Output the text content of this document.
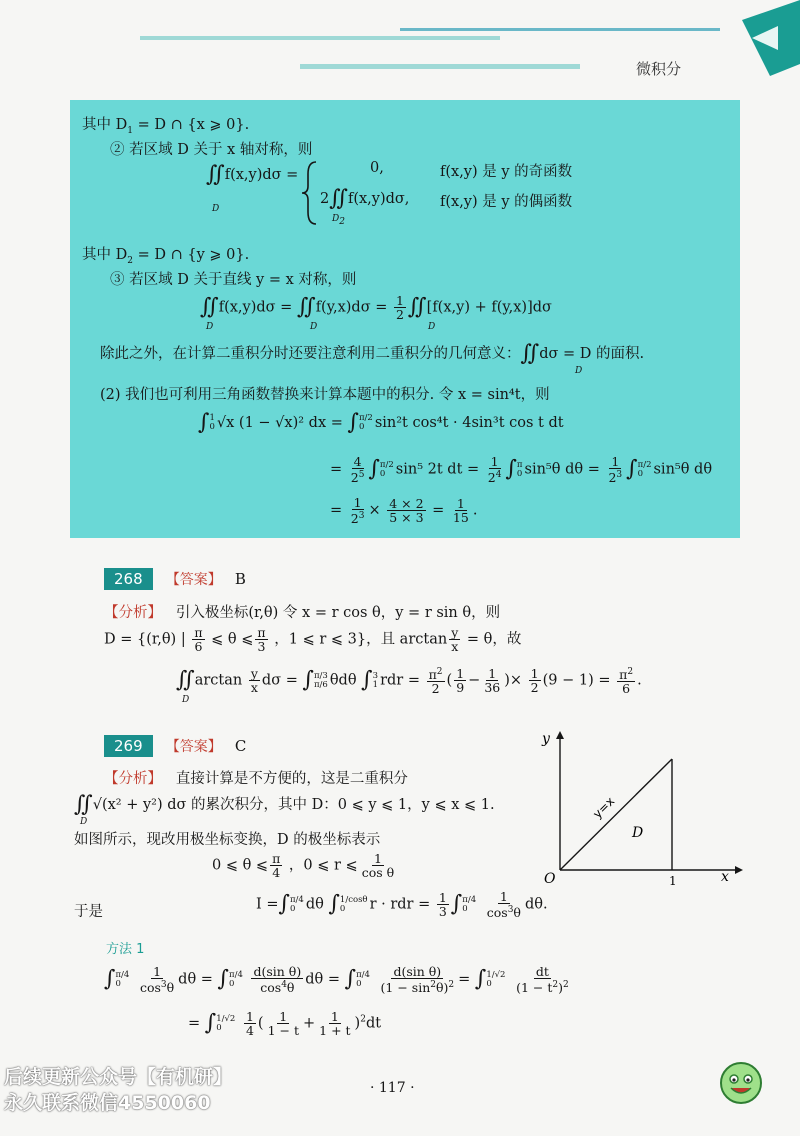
微积分
其中 $D_1 = D$ ∩ {x ⩾ 0}.
② 若区域 D 关于 x 轴对称，则
∬f(x,y)dσ =
D
0,	f(x,y) 是 y 的奇函数
2∬f(x,y)dσ,
$D_2$
f(x,y) 是 y 的偶函数
其中 $D_2 = D$ ∩ {y ⩾ 0}.
③ 若区域 D 关于直线 y = x 对称，则
∬f(x,y)dσ = ∬f(y,x)dσ = $\frac{1}{2}$ ∬[f(x,y) + f(y,x)]dσ
D	D	D
除此之外，在计算二重积分时还要注意利用二重积分的几何意义：∬dσ = D 的面积.
D
(2) 我们也可利用三角函数替换来计算本题中的积分. 令 x = sin⁴t，则
∫ 1
0 √x (1 − √x)² dx = ∫ π/2
0 sin²t cos⁴t · 4sin³t cos t dt
= $\frac{4}{2^5}$ ∫ π/2
0 sin⁵ 2t dt = $\frac{1}{2^4}$ ∫ π
0 sin⁵θ $d\theta = \frac{1}{2^3}$ ∫ π/2
0 sin⁵θ dθ
= $\frac{1}{2^3} \times \frac{4 \times 2}{5 \times 3} = \frac{1}{15}$ .
268 【答案】 B
【分析】 引入极坐标(r,θ) 令 x = r cos θ，y = r sin θ，则
D = {(r,θ) | $\frac{\pi}{6}$ ⩽ θ ⩽ $\frac{\pi}{3}$ ，1 ⩽ r ⩽ 3}，且 $\arctan \frac{y}{x} = \theta$，故
∬arctan $\frac{y}{x}$ dσ = ∫ π/3
π/6 θdθ ∫ 3
1 rdr = $\frac{\pi^2}{2}$ ( $\frac{1}{9} - \frac{1}{36}$ )× $\frac{1}{2} (9 - 1) = \frac{\pi^2}{6}$ .
D
269 【答案】 C
【分析】 直接计算是不方便的，这是二重积分
∬√(x² + y²) dσ 的累次积分，其中 D：0 ⩽ y ⩽ 1，y ⩽ x ⩽ 1.
D
如图所示，现改用极坐标变换，D 的极坐标表示
0 ⩽ θ ⩽ $\frac{\pi}{4}$ ，0 ⩽ r ⩽ $\frac{1}{\text{cos θ}}$
于是	I =∫ π/4
0 dθ ∫ 1/cosθ
0	r · rdr = $\frac{1}{3}$ ∫ π/4
0
	$\frac{1}{\cos^3\theta} d\theta$.
方法 1
∫ π/4
0
	$\frac{1}{\cos^3\theta}$ dθ = ∫ π/4
0
	$\frac{\text{d(sin θ)}}{\cos^4\theta}$ dθ = ∫ π/4
0
	$\frac{\text{d(sin θ)}}{(1 - \sin^2\theta)^2}$ = ∫ 1/√2
0
	$\frac{dt}{(1 - t^2)^2}$
= ∫ 1/√2
0
	$\frac{1}{4}$ ( $\frac{1}{1 - t} + \frac{1}{1 + t} )^2dt$
y
x
O	1
y=x
D
· 117 ·
后续更新公众号【有机研】
永久联系微信4550060
